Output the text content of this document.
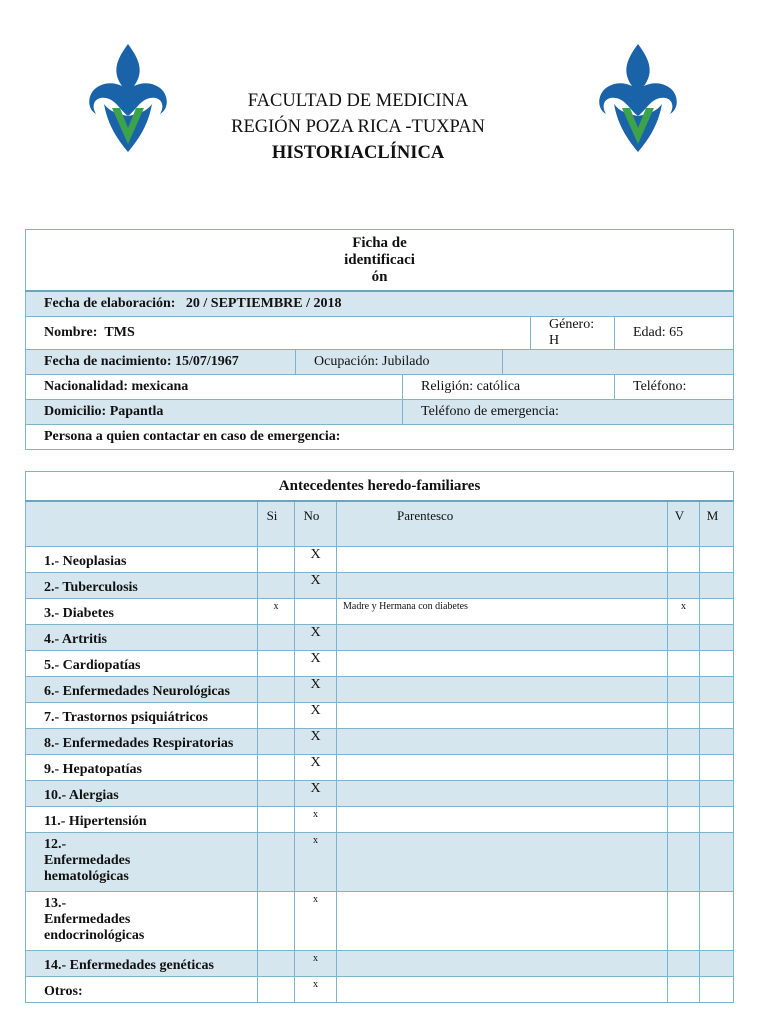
FACULTAD DE MEDICINA
REGIÓN POZA RICA -TUXPAN
HISTORIACLÍNICA
Ficha de
identificaci
ón					

Fecha de elaboración: 20 / SEPTIEMBRE / 2018					
Nombre: TMS				Género: H	Edad: 65
Fecha de nacimiento: 15/07/1967	Ocupación: Jubilado				
Nacionalidad: mexicana		Religión: católica			Teléfono:
Domicilio: Papantla		Teléfono de emergencia:			
Persona a quien contactar en caso de emergencia:					
Antecedentes heredo-familiares					
	Si	No	Parentesco	V	M
1.- Neoplasias		X			
2.- Tuberculosis		X			
3.- Diabetes	x		Madre y Hermana con diabetes	x	
4.- Artritis		X			
5.- Cardiopatías		X			
6.- Enfermedades Neurológicas		X			
7.- Trastornos psiquiátricos		X			
8.- Enfermedades Respiratorias		X			
9.- Hepatopatías		X			
10.- Alergias		X			
11.- Hipertensión		x			

12.-
Enfermedades
hematológicas		x			

13.-
Enfermedades
endocrinológicas		x			
14.- Enfermedades genéticas		x			
Otros:		x			
